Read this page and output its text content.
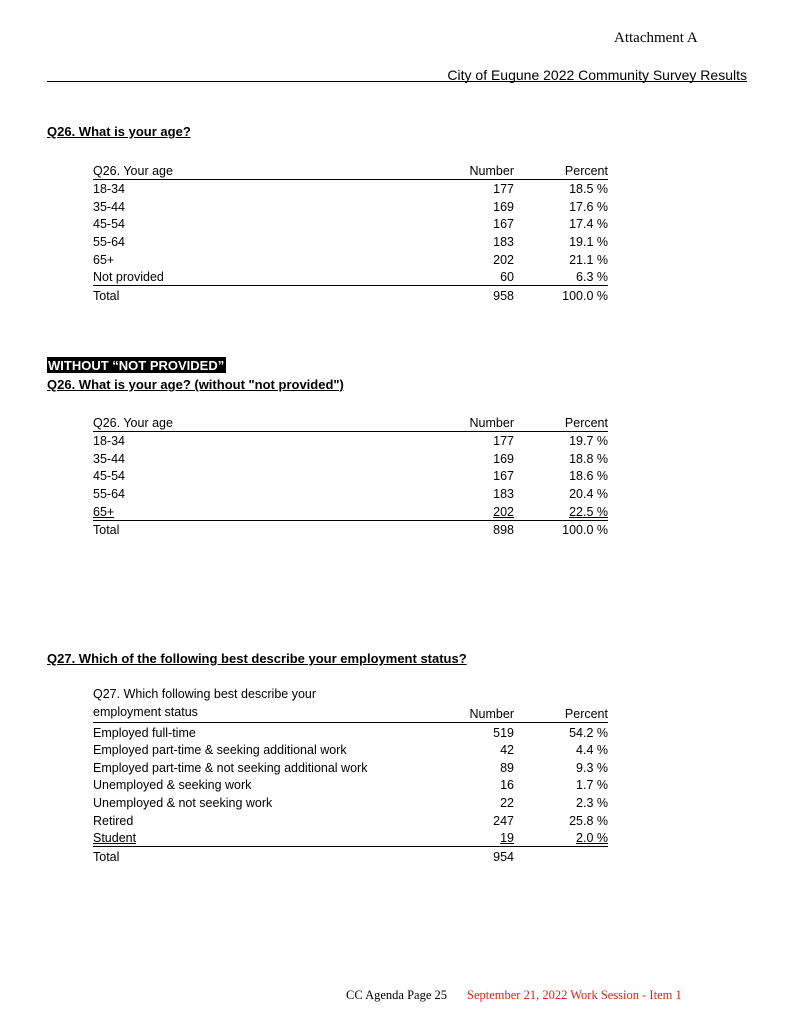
Attachment A
City of Eugune 2022 Community Survey Results
Q26. What is your age?
Q26. Your age	Number	Percent
18-34	177	18.5 %
35-44	169	17.6 %
45-54	167	17.4 %
55-64	183	19.1 %
65+	202	21.1 %
Not provided	60	6.3 %
Total	958	100.0 %
WITHOUT “NOT PROVIDED”
Q26. What is your age? (without "not provided")
Q26. Your age	Number	Percent
18-34	177	19.7 %
35-44	169	18.8 %
45-54	167	18.6 %
55-64	183	20.4 %
65+	202	22.5 %
Total	898	100.0 %
Q27. Which of the following best describe your employment status?
Q27. Which following best describe your employment status	Number	Percent
Employed full-time	519	54.2 %
Employed part-time & seeking additional work	42	4.4 %
Employed part-time & not seeking additional work	89	9.3 %
Unemployed & seeking work	16	1.7 %
Unemployed & not seeking work	22	2.3 %
Retired	247	25.8 %
Student	19	2.0 %
Total	954
CC Agenda Page 25 September 21, 2022 Work Session - Item 1
